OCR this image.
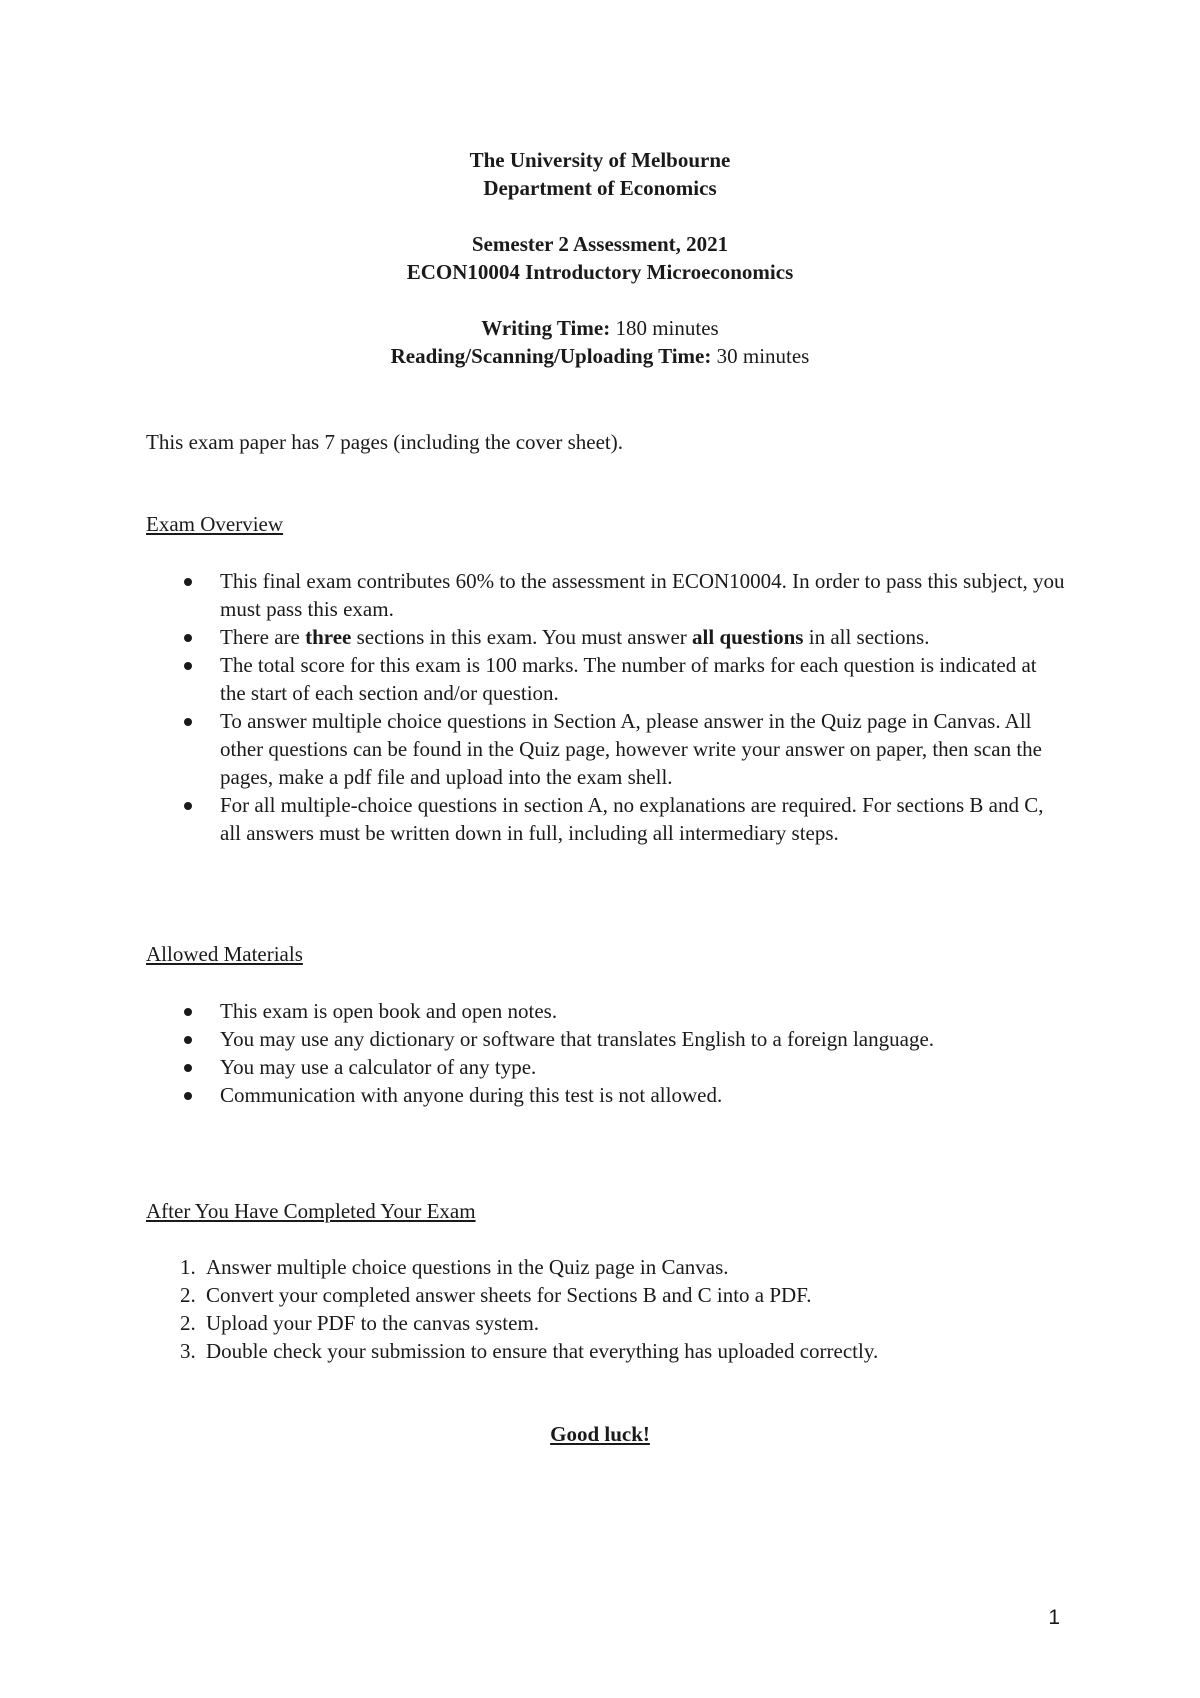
The University of Melbourne
Department of Economics
Semester 2 Assessment, 2021
ECON10004 Introductory Microeconomics
Writing Time: 180 minutes
Reading/Scanning/Uploading Time: 30 minutes
This exam paper has 7 pages (including the cover sheet).
Exam Overview
This final exam contributes 60% to the assessment in ECON10004. In order to pass this subject, you must pass this exam.
There are three sections in this exam. You must answer all questions in all sections.
The total score for this exam is 100 marks. The number of marks for each question is indicated at the start of each section and/or question.
To answer multiple choice questions in Section A, please answer in the Quiz page in Canvas. All other questions can be found in the Quiz page, however write your answer on paper, then scan the pages, make a pdf file and upload into the exam shell.
For all multiple-choice questions in section A, no explanations are required. For sections B and C, all answers must be written down in full, including all intermediary steps.
Allowed Materials
This exam is open book and open notes.
You may use any dictionary or software that translates English to a foreign language.
You may use a calculator of any type.
Communication with anyone during this test is not allowed.
After You Have Completed Your Exam
1. Answer multiple choice questions in the Quiz page in Canvas.
2. Convert your completed answer sheets for Sections B and C into a PDF.
2. Upload your PDF to the canvas system.
3. Double check your submission to ensure that everything has uploaded correctly.
Good luck!
1
